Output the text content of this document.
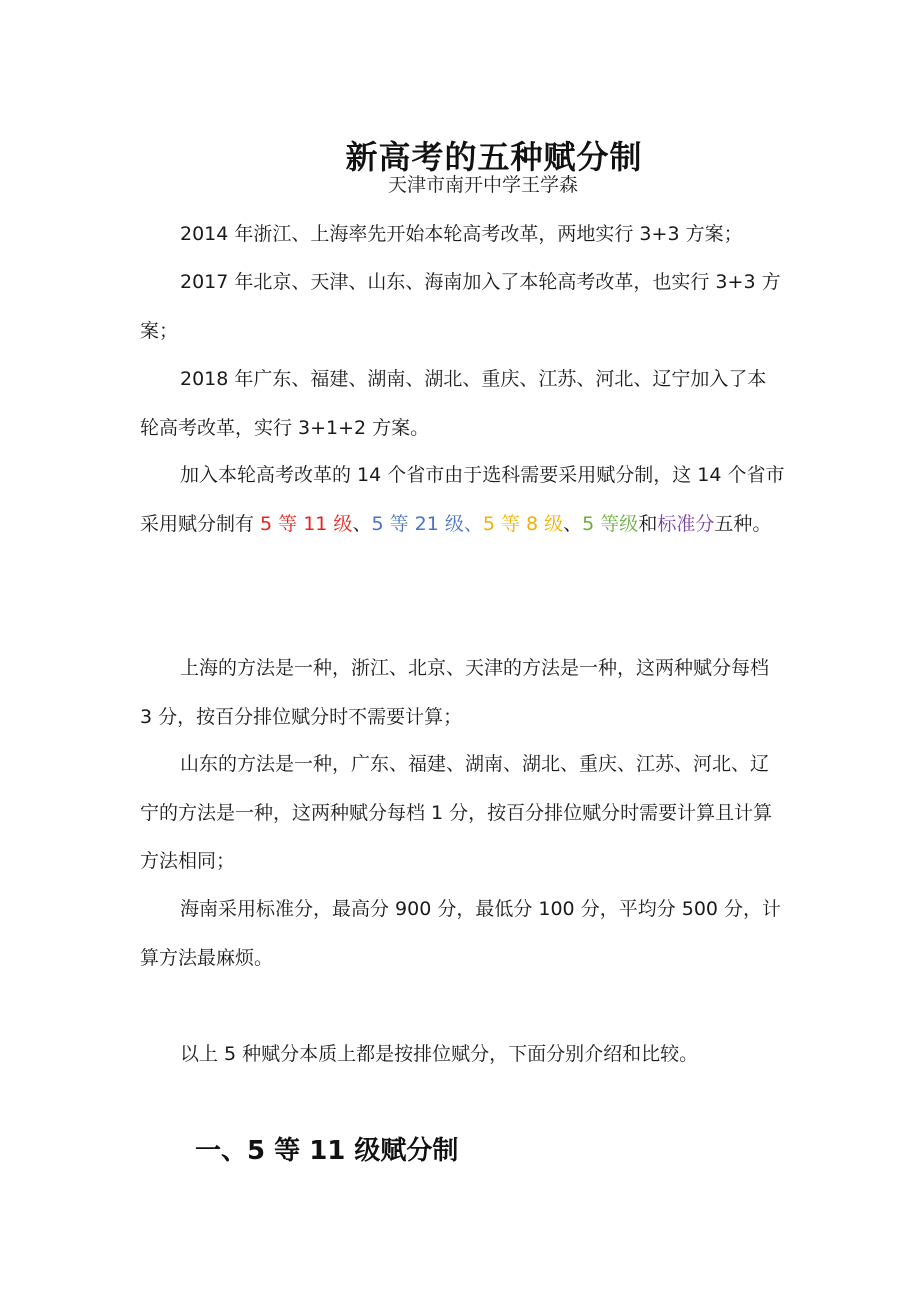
新高考的五种赋分制
天津市南开中学王学森

2014 年浙江、上海率先开始本轮高考改革，两地实行 3+3 方案；

2017 年北京、天津、山东、海南加入了本轮高考改革，也实行 3+3 方案；

2018 年广东、福建、湖南、湖北、重庆、江苏、河北、辽宁加入了本轮高考改革，实行 3+1+2 方案。

加入本轮高考改革的 14 个省市由于选科需要采用赋分制，这 14 个省市采用赋分制有 5 等 11 级、5 等 21 级、5 等 8 级、5 等级和标准分五种。

上海的方法是一种，浙江、北京、天津的方法是一种，这两种赋分每档 3 分，按百分排位赋分时不需要计算；

山东的方法是一种，广东、福建、湖南、湖北、重庆、江苏、河北、辽宁的方法是一种，这两种赋分每档 1 分，按百分排位赋分时需要计算且计算方法相同；

海南采用标准分，最高分 900 分，最低分 100 分，平均分 500 分，计算方法最麻烦。

以上 5 种赋分本质上都是按排位赋分，下面分别介绍和比较。

一、5 等 11 级赋分制
